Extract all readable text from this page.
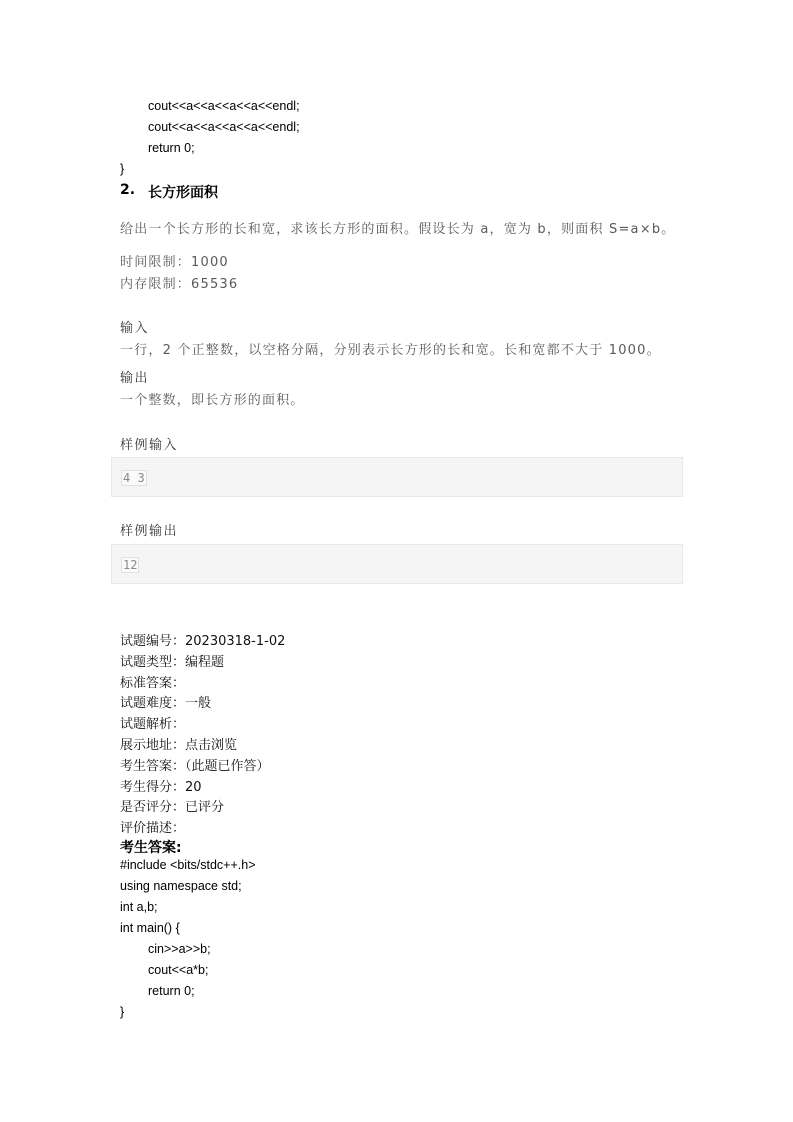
cout<<a<<a<<a<<a<<endl;
cout<<a<<a<<a<<a<<endl;
return 0;
}
2. 长方形面积
给出一个长方形的长和宽，求该长方形的面积。假设长为 a，宽为 b，则面积 S=a×b。
时间限制：1000
内存限制：65536
输入
一行，2 个正整数，以空格分隔，分别表示长方形的长和宽。长和宽都不大于 1000。
输出
一个整数，即长方形的面积。
样例输入
4 3
样例输出
12
试题编号：20230318-1-02
试题类型：编程题
标准答案：
试题难度：一般
试题解析：
展示地址：点击浏览
考生答案：（此题已作答）
考生得分：20
是否评分：已评分
评价描述：
考生答案:
#include <bits/stdc++.h>
using namespace std;
int a,b;
int main() {
cin>>a>>b;
cout<<a*b;
return 0;
}
